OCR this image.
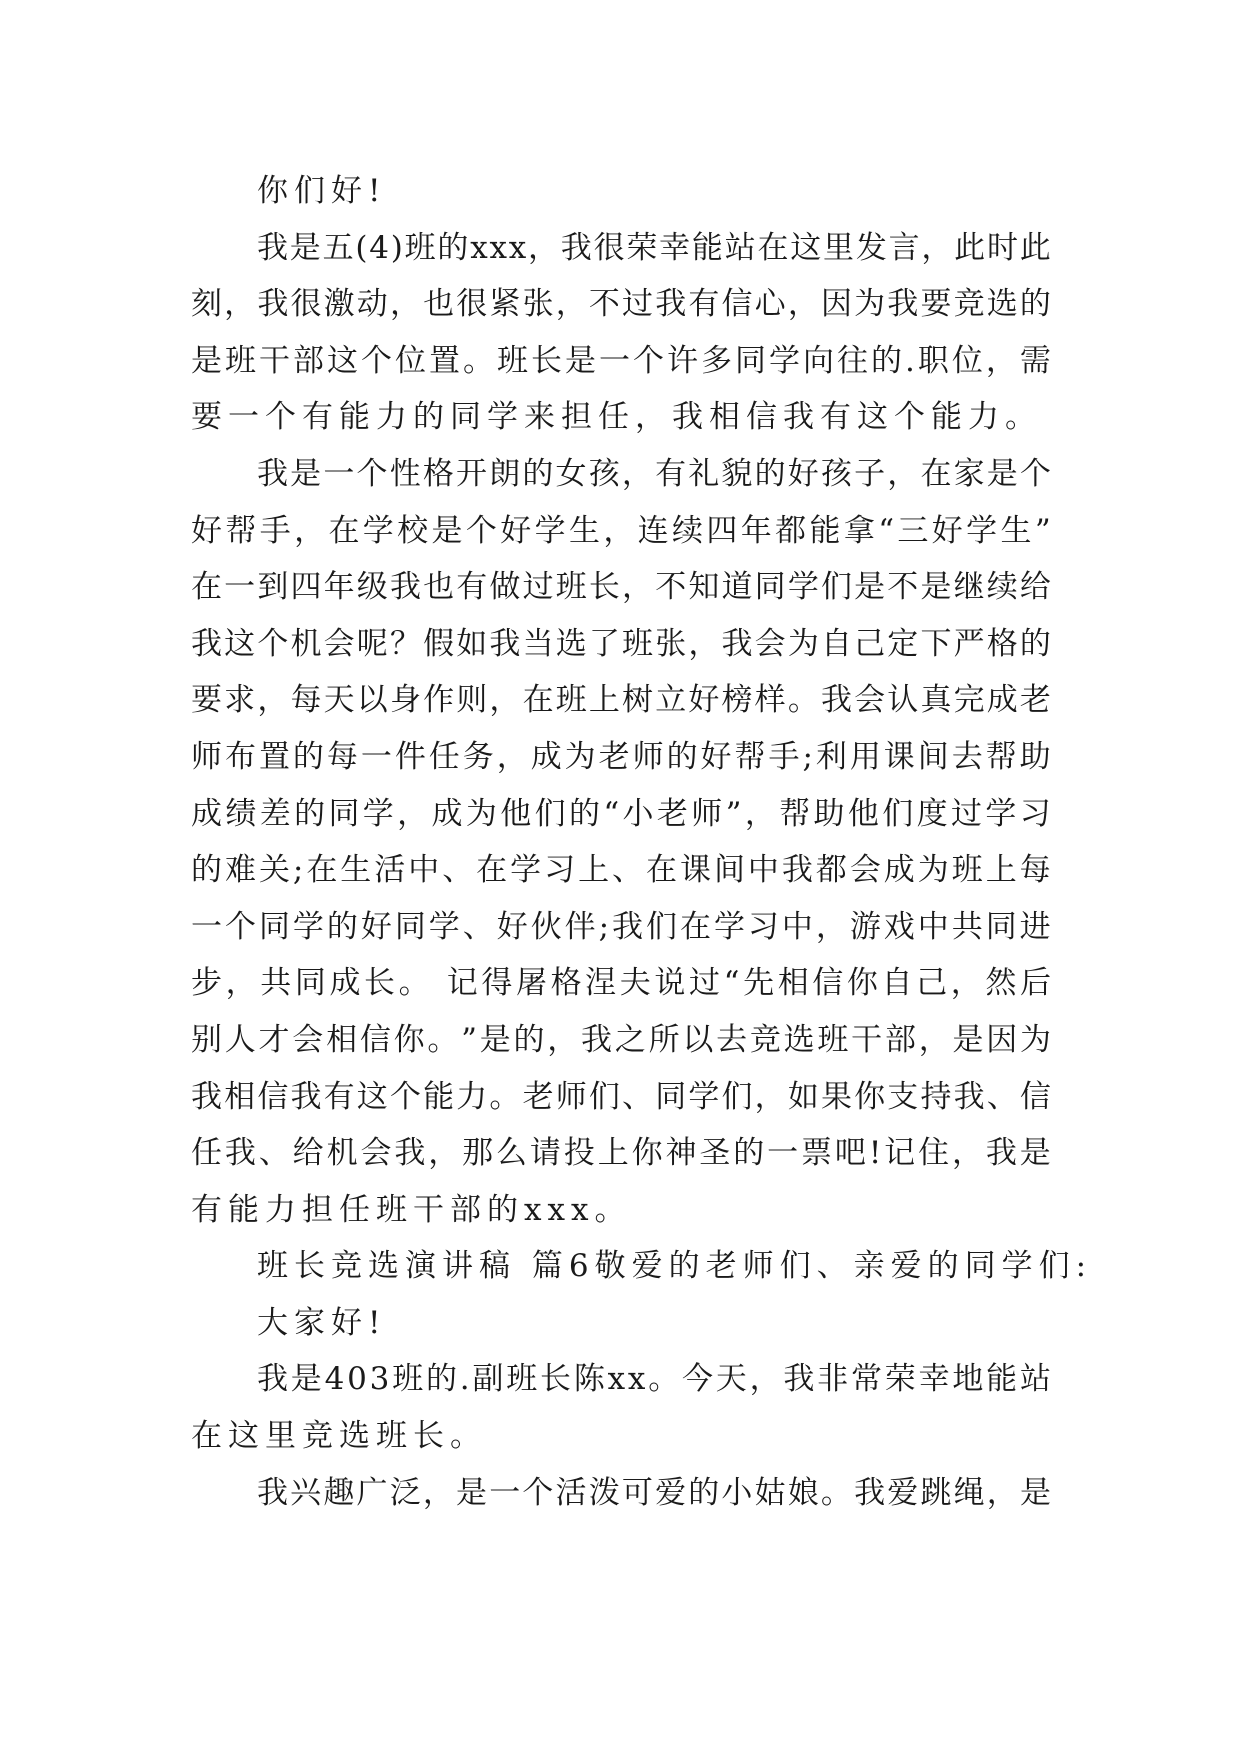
你们好!
我 是 五 ( 4 ) 班 的 x x x ， 我 很 荣 幸 能 站 在 这 里 发 言 ， 此 时 此
刻 ， 我 很 激 动 ， 也 很 紧 张 ， 不 过 我 有 信 心 ， 因 为 我 要 竞 选 的
是 班 干 部 这 个 位 置 。 班 长 是 一 个 许 多 同 学 向 往 的 . 职 位 ， 需
要一个有能力的同学来担任，我相信我有这个能力。
我 是 一 个 性 格 开 朗 的 女 孩 ， 有 礼 貌 的 好 孩 子 ， 在 家 是 个
好 帮 手 ， 在 学 校 是 个 好 学 生 ， 连 续 四 年 都 能 拿 “ 三 好 学 生 ”
在 一 到 四 年 级 我 也 有 做 过 班 长 ， 不 知 道 同 学 们 是 不 是 继 续 给
我 这 个 机 会 呢 ？ 假 如 我 当 选 了 班 张 ， 我 会 为 自 己 定 下 严 格 的
要 求 ， 每 天 以 身 作 则 ， 在 班 上 树 立 好 榜 样 。 我 会 认 真 完 成 老
师 布 置 的 每 一 件 任 务 ， 成 为 老 师 的 好 帮 手 ; 利 用 课 间 去 帮 助
成 绩 差 的 同 学 ， 成 为 他 们 的 “ 小 老 师 ” ， 帮 助 他 们 度 过 学 习
的 难 关 ; 在 生 活 中 、 在 学 习 上 、 在 课 间 中 我 都 会 成 为 班 上 每
一 个 同 学 的 好 同 学 、 好 伙 伴 ; 我 们 在 学 习 中 ， 游 戏 中 共 同 进
步 ， 共 同 成 长 。
记 得 屠 格 涅 夫 说 过 “ 先 相 信 你 自 己 ， 然 后
别 人 才 会 相 信 你 。 ” 是 的 ， 我 之 所 以 去 竞 选 班 干 部 ， 是 因 为
我 相 信 我 有 这 个 能 力 。 老 师 们 、 同 学 们 ， 如 果 你 支 持 我 、 信
任 我 、 给 机 会 我 ， 那 么 请 投 上 你 神 圣 的 一 票 吧 ! 记 住 ， 我 是
有能力担任班干部的xxx。
班长竞选演讲稿 篇6敬爱的老师们、亲爱的同学们:
大家好!
我 是 4 0 3 班 的 . 副 班 长 陈 x x 。 今 天 ， 我 非 常 荣 幸 地 能 站
在这里竞选班长。
我 兴 趣 广 泛 ， 是 一 个 活 泼 可 爱 的 小 姑 娘 。 我 爱 跳 绳 ， 是
